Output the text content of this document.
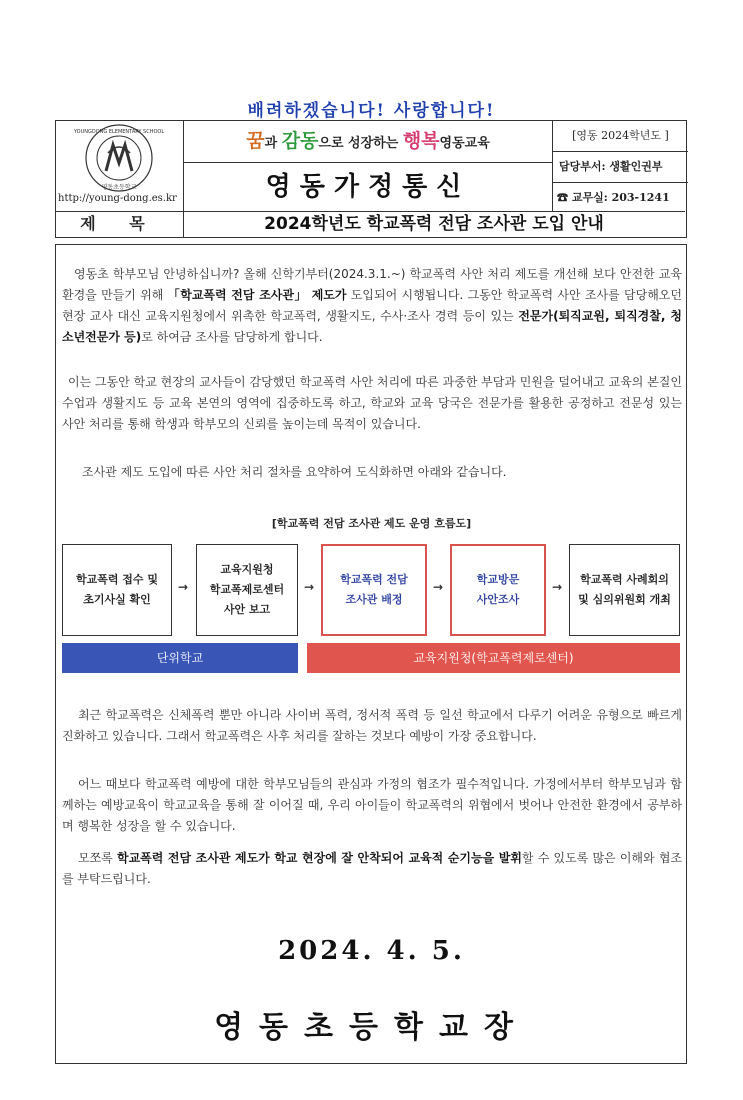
배려하겠습니다! 사랑합니다!
YOUNGDONG ELEMENTARY SCHOOL
영동초등학교
http://young-dong.es.kr
꿈과 감동으로 성장하는 행복영동교육
영동가정통신
[영동 2024학년도 ]
담당부서: 생활인권부
☎ 교무실: 203-1241
제 목	2024학년도 학교폭력 전담 조사관 도입 안내

영동초 학부모님 안녕하십니까? 올해 신학기부터(2024.3.1.~) 학교폭력 사안 처리 제도를 개선해 보다 안전한 교육환경을 만들기 위해 「학교폭력 전담 조사관」 제도가 도입되어 시행됩니다. 그동안 학교폭력 사안 조사를 담당해오던 현장 교사 대신 교육지원청에서 위촉한 학교폭력, 생활지도, 수사·조사 경력 등이 있는 전문가(퇴직교원, 퇴직경찰, 청소년전문가 등)로 하여금 조사를 담당하게 합니다.

이는 그동안 학교 현장의 교사들이 감당했던 학교폭력 사안 처리에 따른 과중한 부담과 민원을 덜어내고 교육의 본질인 수업과 생활지도 등 교육 본연의 영역에 집중하도록 하고, 학교와 교육 당국은 전문가를 활용한 공정하고 전문성 있는 사안 처리를 통해 학생과 학부모의 신뢰를 높이는데 목적이 있습니다.

조사관 제도 도입에 따른 사안 처리 절차를 요약하여 도식화하면 아래와 같습니다.

[학교폭력 전담 조사관 제도 운영 흐름도]
학교폭력 접수 및
초기사실 확인
→
교육지원청
학교폭제로센터
사안 보고
→
학교폭력 전담
조사관 배정
→
학교방문
사안조사
→
학교폭력 사례회의
및 심의위원회 개최
단위학교	교육지원청(학교폭력제로센터)

최근 학교폭력은 신체폭력 뿐만 아니라 사이버 폭력, 정서적 폭력 등 일선 학교에서 다루기 어려운 유형으로 빠르게 진화하고 있습니다. 그래서 학교폭력은 사후 처리를 잘하는 것보다 예방이 가장 중요합니다.

어느 때보다 학교폭력 예방에 대한 학부모님들의 관심과 가정의 협조가 필수적입니다. 가정에서부터 학부모님과 함께하는 예방교육이 학교교육을 통해 잘 이어질 때, 우리 아이들이 학교폭력의 위협에서 벗어나 안전한 환경에서 공부하며 행복한 성장을 할 수 있습니다.

모쪼록 학교폭력 전담 조사관 제도가 학교 현장에 잘 안착되어 교육적 순기능을 발휘할 수 있도록 많은 이해와 협조를 부탁드립니다.

2024. 4. 5.
영동초등학교장
